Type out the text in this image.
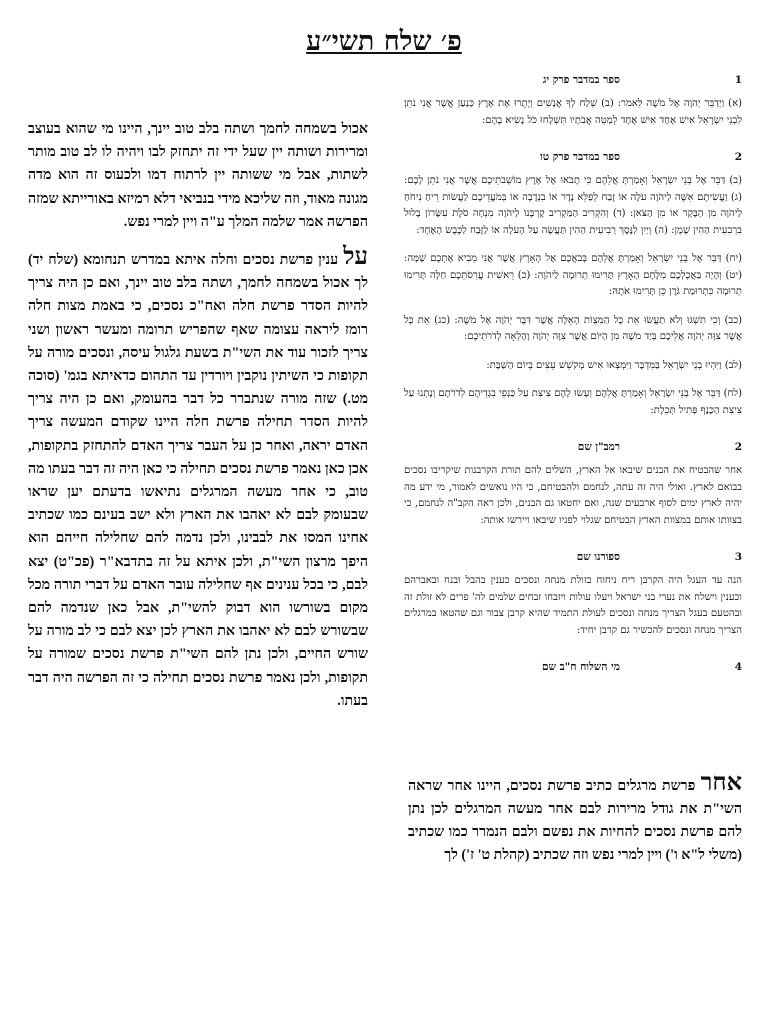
פ׳ שלח תשי״ע
1ספר במדבר פרק יג

(א) וַיְדַבֵּר יְהֹוָה אֶל מֹשֶׁה לֵּאמֹר: (ב) שְׁלַח לְךָ אֲנָשִׁים וְיָתֻרוּ אֶת אֶרֶץ כְּנַעַן אֲשֶׁר אֲנִי נֹתֵן לִבְנֵי יִשְׂרָאֵל אִישׁ אֶחָד אִישׁ אֶחָד לְמַטֵּה אֲבֹתָיו תִּשְׁלָחוּ כֹּל נָשִׂיא בָהֶם:

2ספר במדבר פרק טו

(ב) דַּבֵּר אֶל בְּנֵי יִשְׂרָאֵל וְאָמַרְתָּ אֲלֵהֶם כִּי תָבֹאוּ אֶל אֶרֶץ מוֹשְׁבֹתֵיכֶם אֲשֶׁר אֲנִי נֹתֵן לָכֶם: (ג) וַעֲשִׂיתֶם אִשֶּׁה לַיהֹוָה עֹלָה אוֹ זֶבַח לְפַלֵּא נֶדֶר אוֹ בִנְדָבָה אוֹ בְּמֹעֲדֵיכֶם לַעֲשׂוֹת רֵיחַ נִיחֹחַ לַיהֹוָה מִן הַבָּקָר אוֹ מִן הַצֹּאן: (ד) וְהִקְרִיב הַמַּקְרִיב קָרְבָּנוֹ לַיהֹוָה מִנְחָה סֹלֶת עִשָּׂרוֹן בָּלוּל בִּרְבִעִית הַהִין שָׁמֶן: (ה) וְיַיִן לַנֶּסֶךְ רְבִיעִית הַהִין תַּעֲשֶׂה עַל הָעֹלָה אוֹ לַזָּבַח לַכֶּבֶשׂ הָאֶחָד:

(יח) דַּבֵּר אֶל בְּנֵי יִשְׂרָאֵל וְאָמַרְתָּ אֲלֵהֶם בְּבֹאֲכֶם אֶל הָאָרֶץ אֲשֶׁר אֲנִי מֵבִיא אֶתְכֶם שָׁמָּה: (יט) וְהָיָה בַּאֲכָלְכֶם מִלֶּחֶם הָאָרֶץ תָּרִימוּ תְרוּמָה לַיהֹוָה: (כ) רֵאשִׁית עֲרִסֹתֵכֶם חַלָּה תָּרִימוּ תְרוּמָה כִּתְרוּמַת גֹּרֶן כֵּן תָּרִימוּ אֹתָהּ:

(כב) וְכִי תִשְׁגּוּ וְלֹא תַעֲשׂוּ אֵת כָּל הַמִּצְוֹת הָאֵלֶּה אֲשֶׁר דִּבֶּר יְהֹוָה אֶל מֹשֶׁה: (כג) אֵת כָּל אֲשֶׁר צִוָּה יְהֹוָה אֲלֵיכֶם בְּיַד מֹשֶׁה מִן הַיּוֹם אֲשֶׁר צִוָּה יְהֹוָה וָהָלְאָה לְדֹרֹתֵיכֶם:

(לב) וַיִּהְיוּ בְנֵי יִשְׂרָאֵל בַּמִּדְבָּר וַיִּמְצְאוּ אִישׁ מְקֹשֵׁשׁ עֵצִים בְּיוֹם הַשַּׁבָּת:

(לח) דַּבֵּר אֶל בְּנֵי יִשְׂרָאֵל וְאָמַרְתָּ אֲלֵהֶם וְעָשׂוּ לָהֶם צִיצִת עַל כַּנְפֵי בִגְדֵיהֶם לְדֹרֹתָם וְנָתְנוּ עַל צִיצִת הַכָּנָף פְּתִיל תְּכֵלֶת:

2רמב"ן שם

אחר שהבטיח את הבנים שיבאו אל הארץ, השלים להם תורת הקרבנות שיקריבו נסכים בבואם לארץ. ואולי היה זה עתה, לנחמם ולהבטיחם, כי היו נואשים לאמור, מי ידע מה יהיה לארץ ימים לסוף ארבעים שנה, ואם יחטאו גם הבנים, ולכן ראה הקב"ה לנחמם, כי בצוותו אותם במצוות הארץ הבטיחם שגלוי לפניו שיבאו ויירשו אותה:

3ספורנו שם

הנה עד העגל היה הקרבן ריח ניחוח בזולת מנחה ונסכים כענין בהבל ובנח ובאברהם וכענין וישלח את נערי בני ישראל ויעלו עולות ויזבחו זבחים שלמים לה' פרים לא זולת זה ובהטעם בעגל הצריך מנחה ונסכים לעולת התמיד שהיא קרבן צבור וגם שהטאו במרגלים הצריך מנחה ונסכים להכשיר גם קרבן יחיד:

4מי השלוח ח"ב שם

אכול בשמחה לחמך ושתה בלב טוב יינך, היינו מי שהוא בעוצב ומרירות ושותה יין שעל ידי זה יתחזק לבו ויהיה לו לב טוב מותר לשתות, אבל מי ששותה יין לרתוח דמו ולכעוס זה הוא מדה מגונה מאוד, וזה שליכא מידי בנביאי דלא רמיזא באורייתא שמזה הפרשה אמר שלמה המלך ע"ה ויין למרי נפש.

על ענין פרשת נסכים וחלה איתא במדרש תנחומא (שלח יד) לך אכול בשמחה לחמך, ושתה בלב טוב יינך, ואם כן היה צריך להיות הסדר פרשת חלה ואח"כ נסכים, כי באמת מצות חלה רומז ליראה עצומה שאף שהפריש תרומה ומעשר ראשון ושני צריך לזכור עוד את השי"ת בשעת גלגול עיסה, ונסכים מורה על תקופות כי השיתין נוקבין ויורדין עד התהום כדאיתא בגמ' (סוכה מט.) שזה מורה שנתברר כל דבר בהעומק, ואם כן היה צריך להיות הסדר תחילה פרשת חלה היינו שקודם המעשה צריך האדם יראה, ואחר כן על העבר צריך האדם להתחזק בתקופות, אכן כאן נאמר פרשת נסכים תחילה כי כאן היה זה דבר בעתו מה טוב, כי אחר מעשה המרגלים נתיאשו בדעתם יען שראו שבעומק לבם לא יאהבו את הארץ ולא ישב בעינם כמו שכתיב אחינו המסו את לבבינו, ולכן נדמה להם שחלילה חייהם הוא היפך מרצון השי"ת, ולכן איתא על זה בתדבא"ר (פכ"ט) יצא לבם, כי בכל ענינים אף שחלילה עובר האדם על דברי תורה מכל מקום בשורשו הוא דבוק להשי"ת, אבל כאן שנדמה להם שבשורש לבם לא יאהבו את הארץ לכן יצא לבם כי לב מורה על שורש החיים, ולכן נתן להם השי"ת פרשת נסכים שמורה על תקופות, ולכן נאמר פרשת נסכים תחילה כי זה הפרשה היה דבר בעתו.

אחר פרשת מרגלים כתיב פרשת נסכים, היינו אחר שראה השי"ת את גודל מרירות לבם אחר מעשה המרגלים לכן נתן להם פרשת נסכים להחיות את נפשם ולבם הנמרר כמו שכתיב (משלי ל"א ו') ויין למרי נפש וזה שכתיב (קהלת ט' ז') לך
